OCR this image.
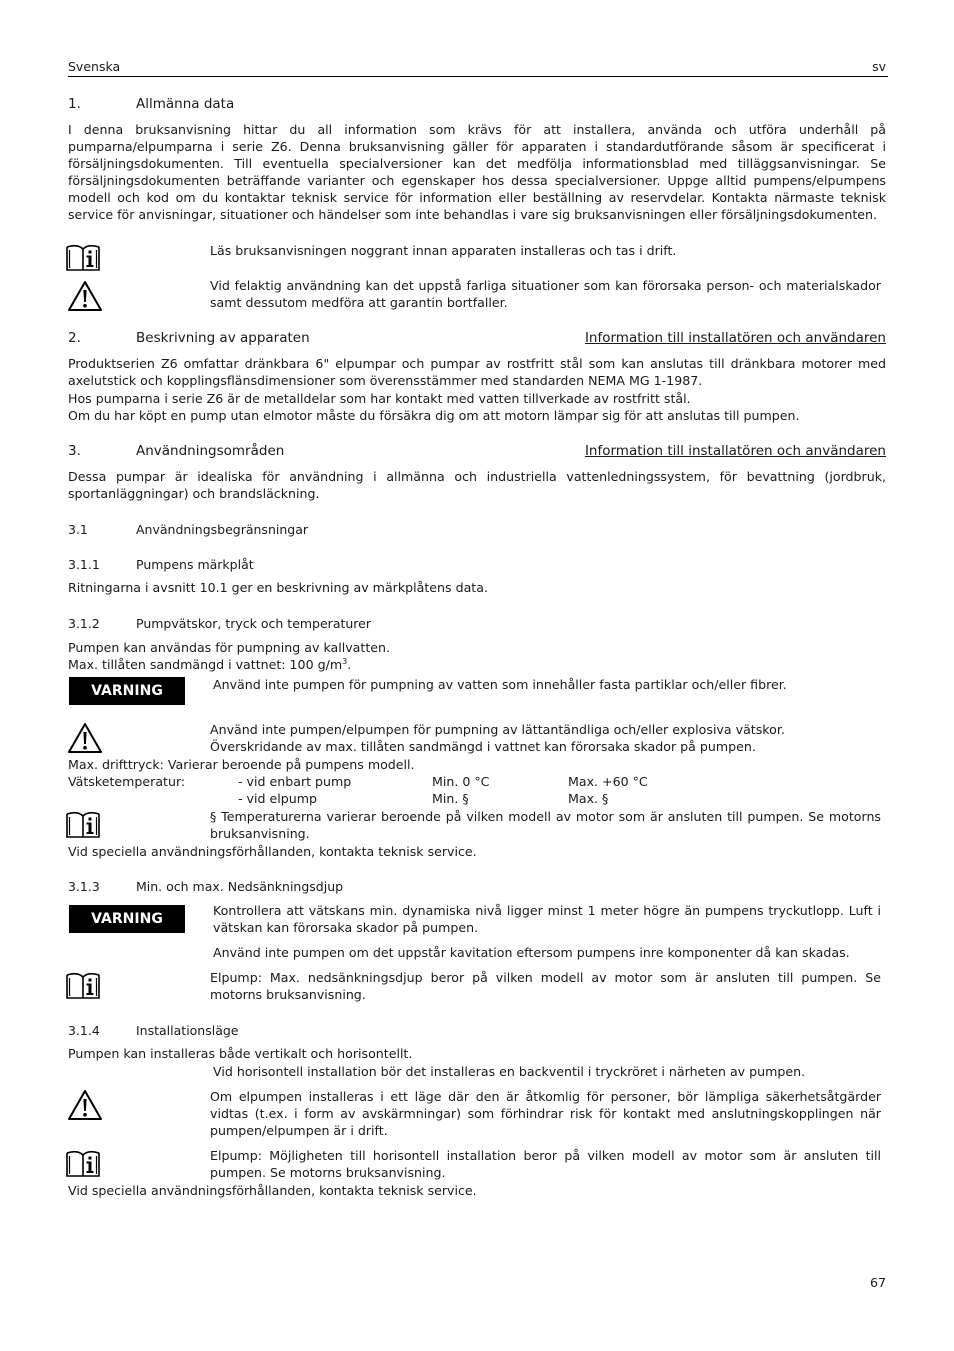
Svenska	sv
1.	Allmänna data
I denna bruksanvisning hittar du all information som krävs för att installera, använda och utföra underhåll på pumparna/elpumparna i serie Z6. Denna bruksanvisning gäller för apparaten i standardutförande såsom är specificerat i försäljningsdokumenten. Till eventuella specialversioner kan det medfölja informationsblad med tilläggsanvisningar. Se försäljningsdokumenten beträffande varianter och egenskaper hos dessa specialversioner. Uppge alltid pumpens/elpumpens modell och kod om du kontaktar teknisk service för information eller beställning av reservdelar. Kontakta närmaste teknisk service för anvisningar, situationer och händelser som inte behandlas i vare sig bruksanvisningen eller försäljningsdokumenten.
Läs bruksanvisningen noggrant innan apparaten installeras och tas i drift.
Vid felaktig användning kan det uppstå farliga situationer som kan förorsaka person- och materialskador samt dessutom medföra att garantin bortfaller.
2.	Beskrivning av apparaten	Information till installatören och användaren
Produktserien Z6 omfattar dränkbara 6" elpumpar och pumpar av rostfritt stål som kan anslutas till dränkbara motorer med axelutstick och kopplingsflänsdimensioner som överensstämmer med standarden NEMA MG 1-1987.
Hos pumparna i serie Z6 är de metalldelar som har kontakt med vatten tillverkade av rostfritt stål.
Om du har köpt en pump utan elmotor måste du försäkra dig om att motorn lämpar sig för att anslutas till pumpen.
3.	Användningsområden	Information till installatören och användaren
Dessa pumpar är idealiska för användning i allmänna och industriella vattenledningssystem, för bevattning (jordbruk, sportanläggningar) och brandsläckning.
3.1	Användningsbegränsningar
3.1.1	Pumpens märkplåt
Ritningarna i avsnitt 10.1 ger en beskrivning av märkplåtens data.
3.1.2	Pumpvätskor, tryck och temperaturer
Pumpen kan användas för pumpning av kallvatten.
Max. tillåten sandmängd i vattnet: 100 $g/m^3$.
VARNING	Använd inte pumpen för pumpning av vatten som innehåller fasta partiklar och/eller fibrer.
Använd inte pumpen/elpumpen för pumpning av lättantändliga och/eller explosiva vätskor.
Överskridande av max. tillåten sandmängd i vattnet kan förorsaka skador på pumpen.
Max. drifttryck: Varierar beroende på pumpens modell.
Vätsketemperatur:	- vid enbart pump	Min. 0 °C	Max. +60 °C
- vid elpump	Min. §	Max. §
§ Temperaturerna varierar beroende på vilken modell av motor som är ansluten till pumpen. Se motorns bruksanvisning.
Vid speciella användningsförhållanden, kontakta teknisk service.
3.1.3	Min. och max. Nedsänkningsdjup
VARNING
Kontrollera att vätskans min. dynamiska nivå ligger minst 1 meter högre än pumpens tryckutlopp. Luft i vätskan kan förorsaka skador på pumpen.
Använd inte pumpen om det uppstår kavitation eftersom pumpens inre komponenter då kan skadas.
Elpump: Max. nedsänkningsdjup beror på vilken modell av motor som är ansluten till pumpen. Se motorns bruksanvisning.
3.1.4	Installationsläge
Pumpen kan installeras både vertikalt och horisontellt.
Vid horisontell installation bör det installeras en backventil i tryckröret i närheten av pumpen.
Om elpumpen installeras i ett läge där den är åtkomlig för personer, bör lämpliga säkerhetsåtgärder vidtas (t.ex. i form av avskärmningar) som förhindrar risk för kontakt med anslutningskopplingen när pumpen/elpumpen är i drift.
Elpump: Möjligheten till horisontell installation beror på vilken modell av motor som är ansluten till pumpen. Se motorns bruksanvisning.
Vid speciella användningsförhållanden, kontakta teknisk service.
67
